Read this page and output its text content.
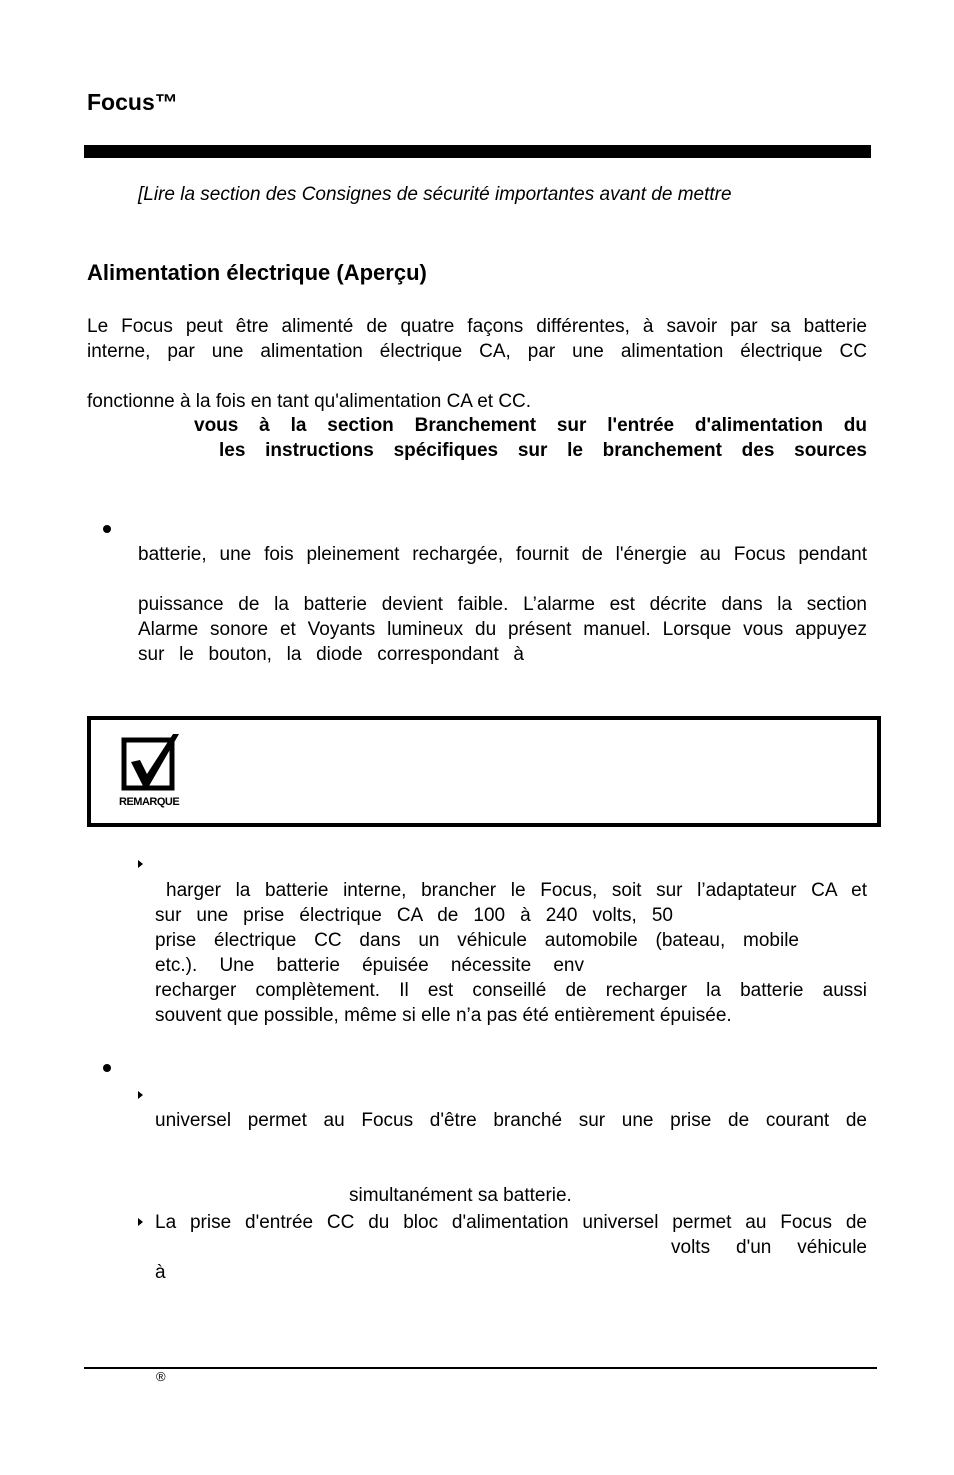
Focus™
[Lire la section des Consignes de sécurité importantes avant de mettre
Alimentation électrique (Aperçu)
Le Focus peut être alimenté de quatre façons différentes, à savoir par sa batterie
interne, par une alimentation électrique CA, par une alimentation électrique CC
fonctionne à la fois en tant qu'alimentation CA et CC.
vous à la section Branchement sur l'entrée d'alimentation du
les instructions spécifiques sur le branchement des sources
batterie, une fois pleinement rechargée, fournit de l'énergie au Focus pendant
puissance de la batterie devient faible. L’alarme est décrite dans la section
Alarme sonore et Voyants lumineux du présent manuel. Lorsque vous appuyez
sur le bouton, la diode correspondant à
REMARQUE
harger la batterie interne, brancher le Focus, soit sur l’adaptateur CA et
sur une prise électrique CA de 100 à 240 volts, 50
prise électrique CC dans un véhicule automobile (bateau, mobile
etc.). Une batterie épuisée nécessite env
recharger complètement. Il est conseillé de recharger la batterie aussi
souvent que possible, même si elle n’a pas été entièrement épuisée.
universel permet au Focus d'être branché sur une prise de courant de
simultanément sa batterie.
La prise d'entrée CC du bloc d'alimentation universel permet au Focus de
volts d'un véhicule
à
®
